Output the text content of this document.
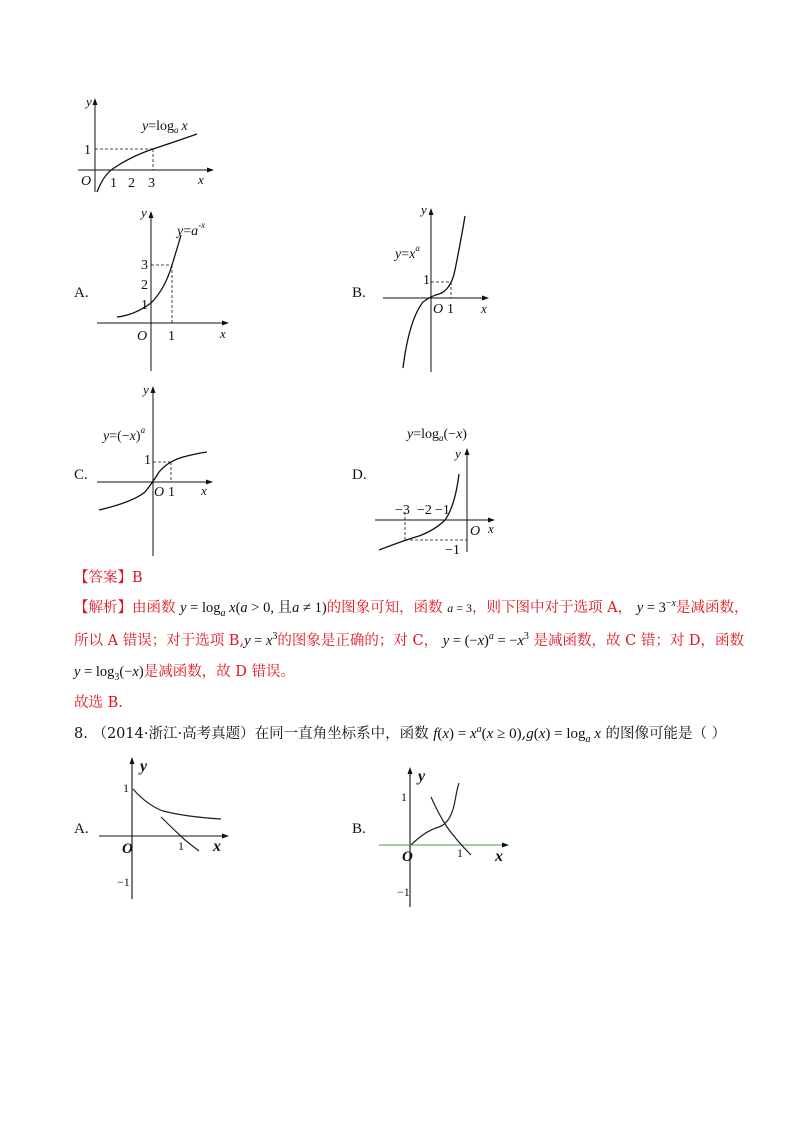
y
x
O
1
1 2 3
$y=\log_a$ x
A.
y
x
O
3
2
1
1
$y=a^{-x}$
B.
y
x
O
1
1
$y=x^a$
C.
y
x
O
1
1
$y=(-x)^a$
D.
$y=\log_a(-x)$
y
x
O
−3 −2 −1
−1
【答案】B
【解析】由函数 $y = \log_a x(a > 0$, 且a ≠ 1)的图象可知，函数 a = 3，则下图中对于选项 A， $y = 3^{-x}$是减函数，
所以 A 错误；对于选项 $B,y = x^3$的图象是正确的；对 C， $y = (-x)^a = -x^3$ 是减函数，故 C 错；对 D，函数
$y = \log_3(-x)$是减函数，故 D 错误。
故选 B.
8. （2014·浙江·高考真题）在同一直角坐标系中，函数 $f(x) = x^a(x \ge 0),g(x) = \log_a x$ 的图像可能是（ ）
A.
y
x
O
1
−1
1
B.
y
x
O
1
−1
1
